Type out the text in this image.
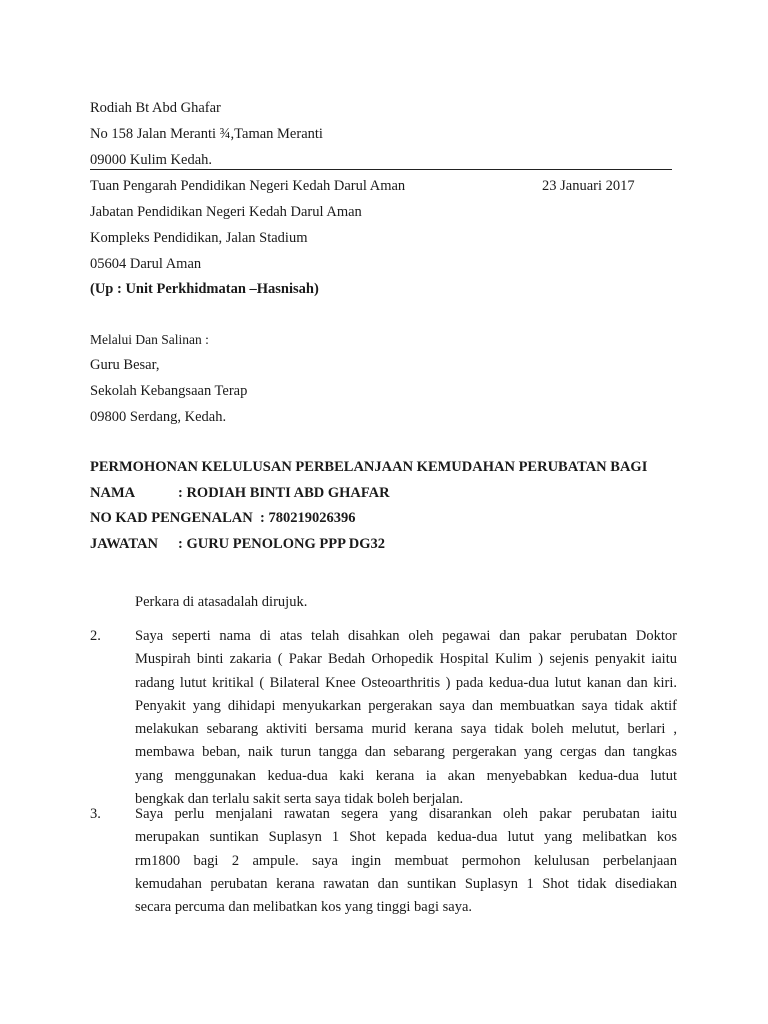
Rodiah Bt Abd Ghafar
No 158 Jalan Meranti ¾,Taman Meranti
09000 Kulim Kedah.
Tuan Pengarah Pendidikan Negeri Kedah Darul Aman	23 Januari 2017
Jabatan Pendidikan Negeri Kedah Darul Aman
Kompleks Pendidikan, Jalan Stadium
05604 Darul Aman
(Up : Unit Perkhidmatan –Hasnisah)
Melalui Dan Salinan :
Guru Besar,
Sekolah Kebangsaan Terap
09800 Serdang, Kedah.
PERMOHONAN KELULUSAN PERBELANJAAN KEMUDAHAN PERUBATAN BAGI
NAMA	: RODIAH BINTI ABD GHAFAR
NO KAD PENGENALAN : 780219026396
JAWATAN : GURU PENOLONG PPP DG32
Perkara di atasadalah dirujuk.
2. Saya seperti nama di atas telah disahkan oleh pegawai dan pakar perubatan Doktor
Muspirah binti zakaria ( Pakar Bedah Orhopedik Hospital Kulim ) sejenis penyakit iaitu
radang lutut kritikal ( Bilateral Knee Osteoarthritis ) pada kedua-dua lutut kanan dan kiri.
Penyakit yang dihidapi menyukarkan pergerakan saya dan membuatkan saya tidak aktif
melakukan sebarang aktiviti bersama murid kerana saya tidak boleh melutut, berlari ,
membawa beban, naik turun tangga dan sebarang pergerakan yang cergas dan tangkas
yang menggunakan kedua-dua kaki kerana ia akan menyebabkan kedua-dua lutut
bengkak dan terlalu sakit serta saya tidak boleh berjalan.
3. Saya perlu menjalani rawatan segera yang disarankan oleh pakar perubatan iaitu
merupakan suntikan Suplasyn 1 Shot kepada kedua-dua lutut yang melibatkan kos
rm1800 bagi 2 ampule. saya ingin membuat permohon kelulusan perbelanjaan
kemudahan perubatan kerana rawatan dan suntikan Suplasyn 1 Shot tidak disediakan
secara percuma dan melibatkan kos yang tinggi bagi saya.
